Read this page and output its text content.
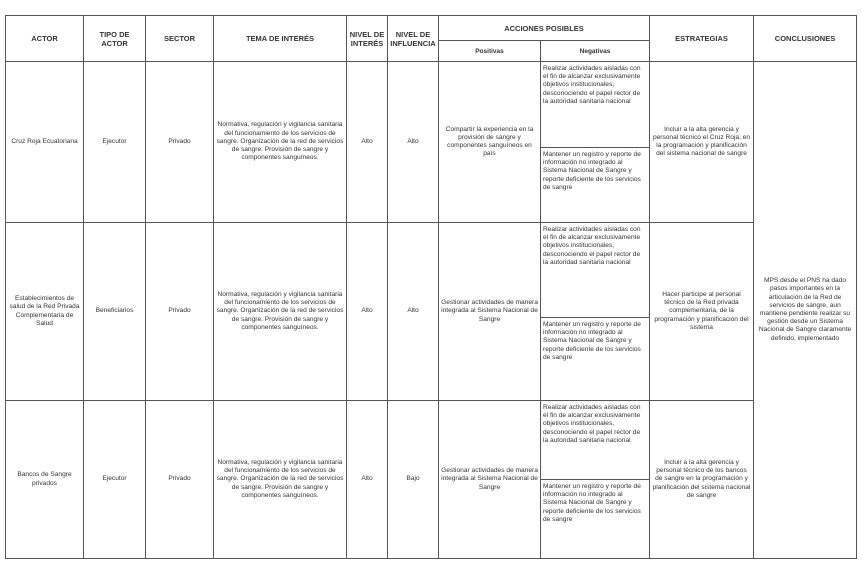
ACTOR	TIPO DE ACTOR	SECTOR	TEMA DE INTERÉS	NIVEL DE INTERÉS	NIVEL DE INFLUENCIA	ACCIONES POSIBLES		ESTRATEGIAS	CONCLUSIONES
						Positivas	Negativas		
Cruz Roja Ecuatoriana	Ejecutor	Privado	Normativa, regulación y vigilancia sanitaria del funcionamiento de los servicios de sangre. Organización de la red de servicios de sangre. Provisión de sangre y componentes sanguíneos.	Alto	Alto	Compartir la experiencia en la provisión de sangre y componentes sanguíneos en país	Realizar actividades aisladas con el fin de alcanzar exclusivamente objetivos institucionales, desconociendo el papel rector de la autoridad sanitaria nacional	Incluir a la alta gerencia y personal técnico el Cruz Roja, en la programación y planificación del sistema nacional de sangre	MPS desde el PNS ha dado pasos importantes en la articulación de la Red de servicios de sangre, aun mantiene pendiente realizar su gestión desde un Sistema Nacional de Sangre claramente definido, implementado
							Mantener un registro y reporte de información no integrado al Sistema Nacional de Sangre y reporte deficiente de los servicios de sangre		
Establecimientos de salud de la Red Privada Complementaria de Salud	Beneficiarios	Privado	Normativa, regulación y vigilancia sanitaria del funcionamiento de los servicios de sangre. Organización de la red de servicios de sangre. Provisión de sangre y componentes sanguíneos.	Alto	Alto	Gestionar actividades de manera integrada al Sistema Nacional de Sangre	Realizar actividades aisladas con el fin de alcanzar exclusivamente objetivos institucionales, desconociendo el papel rector de la autoridad sanitaria nacional	Hacer participe al personal técnico de la Red privada complementaria, de la programación y planificación del sistema	
							Mantener un registro y reporte de información no integrado al Sistema Nacional de Sangre y reporte deficiente de los servicios de sangre		
Bancos de Sangre privados	Ejecutor	Privado	Normativa, regulación y vigilancia sanitaria del funcionamiento de los servicios de sangre. Organización de la red de servicios de sangre. Provisión de sangre y componentes sanguíneos.	Alto	Bajo	Gestionar actividades de manera integrada al Sistema Nacional de Sangre	Realizar actividades aisladas con el fin de alcanzar exclusivamente objetivos institucionales, desconociendo el papel rector de la autoridad sanitaria nacional	Incluir a la alta gerencia y personal técnico de los bancos de sangre en la programación y planificación del sistema nacional de sangre	
							Mantener un registro y reporte de información no integrado al Sistema Nacional de Sangre y reporte deficiente de los servicios de sangre		
